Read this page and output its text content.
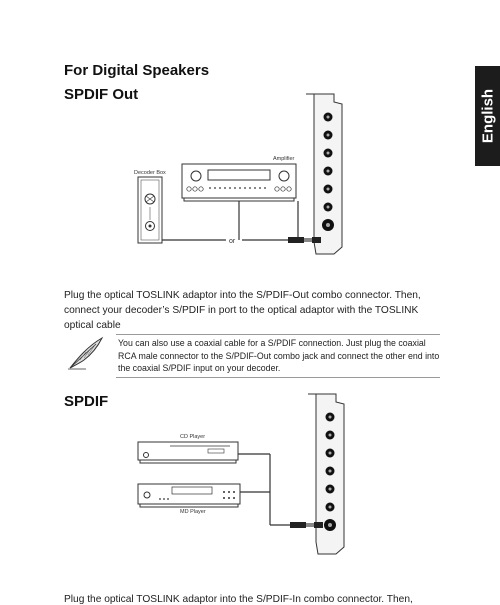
English
For Digital Speakers
SPDIF Out
Decoder Box
Amplifier
or
Plug the optical TOSLINK adaptor into the S/PDIF-Out combo connector. Then, connect your decoder’s S/PDIF in port to the optical adaptor with the TOSLINK optical cable
You can also use a coaxial cable for a S/PDIF connection. Just plug the coaxial RCA male connector to the S/PDIF-Out combo jack and connect the other end into the coaxial S/PDIF input on your decoder.
SPDIF
CD Player
MD Player
Plug the optical TOSLINK adaptor into the S/PDIF-In combo connector. Then,
